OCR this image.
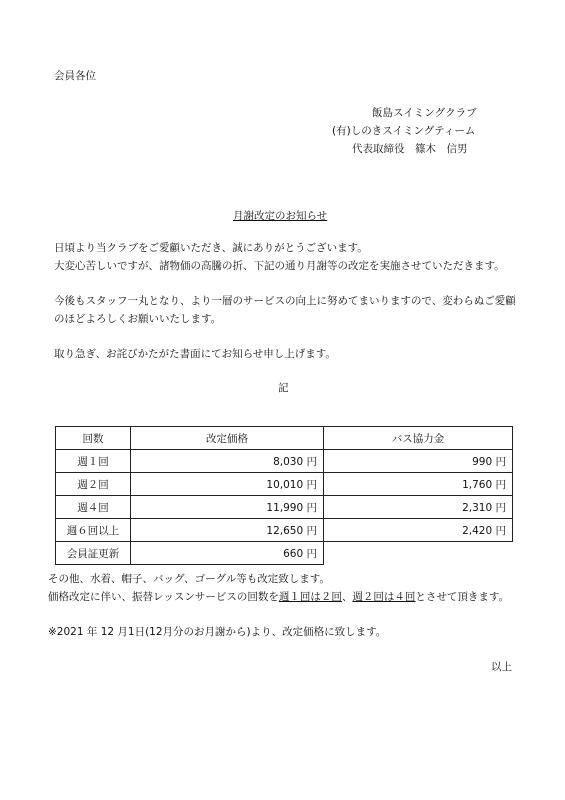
会員各位
飯島スイミングクラブ
(有)しのきスイミングティーム
代表取締役　篠木　信男
月謝改定のお知らせ
日頃より当クラブをご愛顧いただき、誠にありがとうございます。
大変心苦しいですが、諸物価の高騰の折、下記の通り月謝等の改定を実施させていただきます。
今後もスタッフ一丸となり、より一層のサービスの向上に努めてまいりますので、変わらぬご愛顧
のほどよろしくお願いいたします。
取り急ぎ、お詫びかたがた書面にてお知らせ申し上げます。
記
回数	改定価格	バス協力金
週１回	8,030 円	990 円
週２回	10,010 円	1,760 円
週４回	11,990 円	2,310 円
週６回以上	12,650 円	2,420 円
会員証更新	660 円	
その他、水着、帽子、バッグ、ゴーグル等も改定致します。
価格改定に伴い、振替レッスンサービスの回数を週１回は２回、週２回は４回とさせて頂きます。
※2021 年 12 月1日(12月分のお月謝から)より、改定価格に致します。
以上
